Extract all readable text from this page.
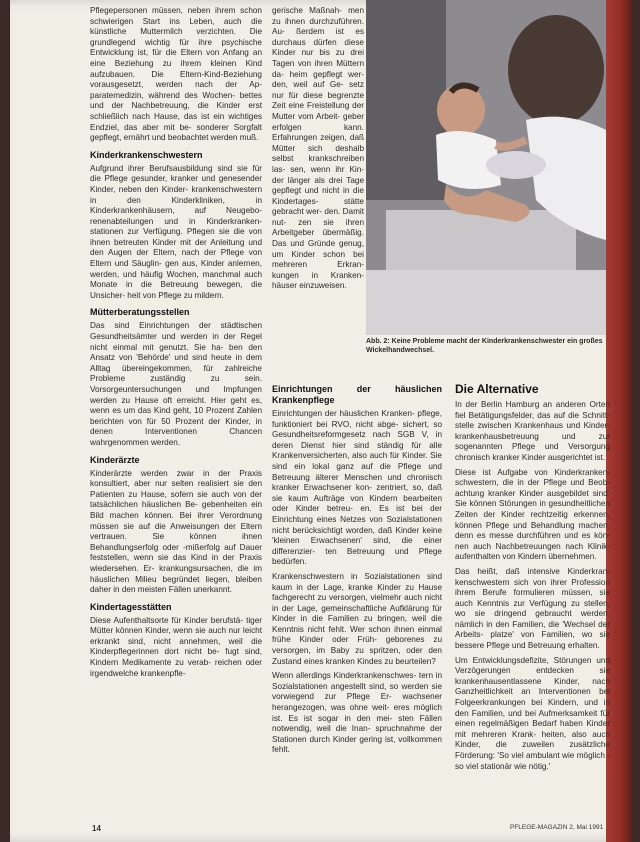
Pflegepersonen müssen, neben ihrem schon schwierigen Start ins Leben, auch die künstliche Muttermilch verzichten. Die grundlegend wichtig für ihre psychische Entwicklung ist, für die Eltern von Anfang an eine Beziehung zu ihrem kleinen Kind aufzubauen. Die Eltern-Kind-Beziehung vorausgesetzt, werden nach der Ap- paratemedizin, während des Wochen- bettes und der Nachbetreuung, die Kinder erst schließlich nach Hause, das ist ein wichtiges Endziel, das aber mit be- sonderer Sorgfalt gepflegt, ernährt und beobachtet werden muß.

Kinderkrankenschwestern

Aufgrund ihrer Berufsausbildung sind sie für die Pflege gesunder, kranker und genesender Kinder, neben den Kinder- krankenschwestern in den Kinderkliniken, in Kinderkrankenhäusern, auf Neugebo- renenabteilungen und in Kinderkranken- stationen zur Verfügung. Pflegen sie die von ihnen betreuten Kinder mit der Anleitung und den Augen der Eltern, nach der Pflege von Eltern und Säuglin- gen aus, Kinder anlernen, werden, und häufig Wochen, manchmal auch Monate in die Betreuung bewegen, die Unsicher- heit von Pflege zu mildern.

Mütterberatungsstellen

Das sind Einrichtungen der städtischen Gesundheitsämter und werden in der Regel nicht einmal mit genutzt. Sie ha- ben den Ansatz von 'Behörde' und sind heute in dem Alltag übereingekommen, für zahlreiche Probleme zuständig zu sein. Vorsorgeuntersuchungen und Impfungen werden zu Hause oft erreicht. Hier geht es, wenn es um das Kind geht, 10 Prozent Zahlen berichten von für 50 Prozent der Kinder, in denen Interventionen Chancen wahrgenommen werden.

Kinderärzte

Kinderärzte werden zwar in der Praxis konsultiert, aber nur selten realisiert sie den Patienten zu Hause, sofern sie auch von der tatsächlichen häuslichen Be- gebenheiten ein Bild machen können. Bei ihrer Verordnung müssen sie auf die Anweisungen der Eltern vertrauen. Sie können ihnen Behandlungserfolg oder -mißerfolg auf Dauer feststellen, wenn sie das Kind in der Praxis wiedersehen. Er- krankungsursachen, die im häuslichen Milieu begründet liegen, bleiben daher in den meisten Fällen unerkannt.

Kindertagesstätten

Diese Aufenthaltsorte für Kinder berufstä- tiger Mütter können Kinder, wenn sie auch nur leicht erkrankt sind, nicht annehmen, weil die Kinderpflegerinnen dort nicht be- fugt sind, Kindern Medikamente zu verab- reichen oder irgendwelche krankenpfle-

gerische Maßnah- men zu ihnen durchzuführen. Au- ßerdem ist es durchaus dürfen diese Kinder nur bis zu drei Tagen von ihren Müttern da- heim gepflegt wer- den, weil auf Ge- setz nur für diese begrenzte Zeit eine Freistellung der Mutter vom Arbeit- geber erfolgen kann. Erfahrungen zeigen, daß Mütter sich deshalb selbst krankschreiben las- sen, wenn ihr Kin- der länger als drei Tage gepflegt und nicht in die Kindertages- stätte gebracht wer- den. Damit nut- zen sie ihren Arbeitgeber übermäßig. Das und Gründe genug, um Kinder schon bei mehreren Erkran- kungen in Kranken- häuser einzuweisen.

Abb. 2: Keine Probleme macht der Kinderkrankenschwester ein großes Wickelhandwechsel.
Einrichtungen der häuslichen Krankenpflege

Einrichtungen der häuslichen Kranken- pflege, funktioniert bei RVO, nicht abge- sichert, so Gesundheitsreformgesetz nach SGB V, in deren Dienst hier sind ständig für alle Krankenversicherten, also auch für Kinder. Sie sind ein lokal ganz auf die Pflege und Betreuung älterer Menschen und chronisch kranker Erwachsener kon- zentriert, so, daß sie kaum Aufträge von Kindern bearbeiten oder Kinder betreu- en. Es ist bei der Einrichtung eines Netzes von Sozialstationen nicht berücksichtigt worden, daß Kinder keine 'kleinen Erwachsenen' sind, die einer differenzier- ten Betreuung und Pflege bedürfen.

Krankenschwestern in Sozialstationen sind kaum in der Lage, kranke Kinder zu Hause fachgerecht zu versorgen, vielmehr auch nicht in der Lage, gemeinschaftliche Aufklärung für Kinder in die Familien zu bringen, weil die Kenntnis nicht fehlt. Wer schon ihnen einmal frühe Kinder oder Früh- geborenes zu versorgen, im Baby zu spritzen, oder den Zustand eines kranken Kindes zu beurteilen?

Wenn allerdings Kinderkrankenschwes- tern in Sozialstationen angestellt sind, so werden sie vorwiegend zur Pflege Er- wachsener herangezogen, was ohne weit- eres möglich ist. Es ist sogar in den mei- sten Fällen notwendig, weil die Inan- spruchnahme der Stationen durch Kinder gering ist, vollkommen fehlt.

Die Alternative

In der Berlin Hamburg an anderen Orten fiel Betätigungsfelder, das auf die Schnitt- stelle zwischen Krankenhaus und Kinder- krankenhausbetreuung und zur sogenannten Pflege und Versorgung chronisch kranker Kinder ausgerichtet ist.

Diese ist Aufgabe von Kinderkranken- schwestern, die in der Pflege und Beob- achtung kranker Kinder ausgebildet sind. Sie können Störungen in gesundheitlichen Zeiten der Kinder rechtzeitig erkennen, können Pflege und Behandlung machen, denn es messe durchführen und es kön- nen auch Nachbetreuungen nach Klinik- aufenthalten von Kindern übernehmen.

Das heißt, daß intensive Kinderkran- kenschwestern sich von ihrer Profession ihrem Berufe formulieren müssen, sie auch Kenntnis zur Verfügung zu stellen, wo sie dringend gebraucht werden, nämlich in den Familien, die 'Wechsel der Arbeits- platze' von Familien, wo sie bessere Pflege und Betreuung erhalten.

Um Entwicklungsdefizite, Störungen und Verzögerungen entdecken sie krankenhausentlassene Kinder, nach Ganzheitlichkeit an Interventionen bei Folgeerkrankungen bei Kindern, und in den Familien, und bei Aufmerksamkeit für einen regelmäßigen Bedarf haben Kinder mit mehreren Krank- heiten, also auch Kinder, die zuweilen zusätzliche Förderung: 'So viel ambulant wie möglich - so viel stationär wie nötig.'

14	PFLEGE-MAGAZIN 2, Mai 1991
